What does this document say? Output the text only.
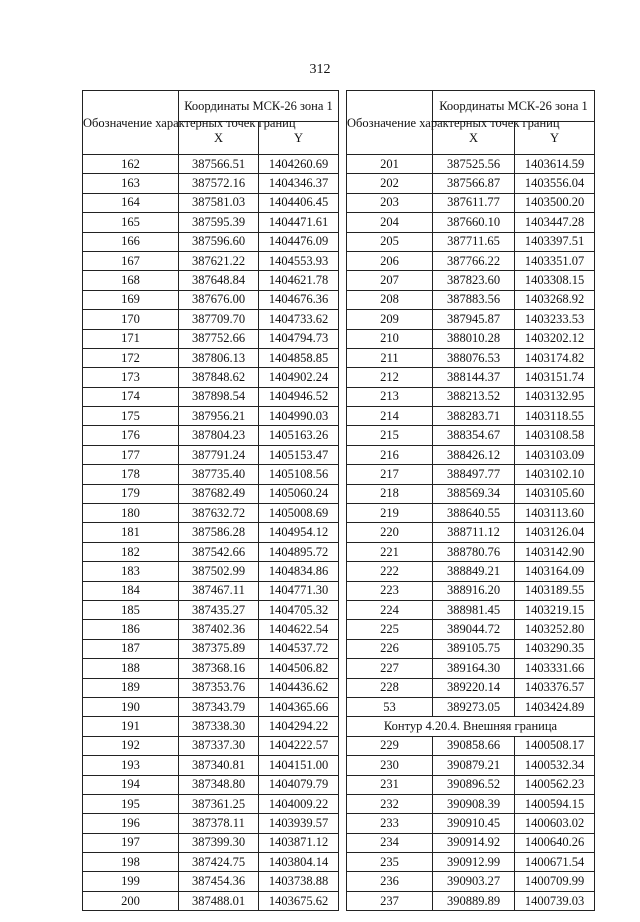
312
Обозначение характерных точек границ	Координаты МСК-26 зона 1	
	X	Y
162	387566.51	1404260.69
163	387572.16	1404346.37
164	387581.03	1404406.45
165	387595.39	1404471.61
166	387596.60	1404476.09
167	387621.22	1404553.93
168	387648.84	1404621.78
169	387676.00	1404676.36
170	387709.70	1404733.62
171	387752.66	1404794.73
172	387806.13	1404858.85
173	387848.62	1404902.24
174	387898.54	1404946.52
175	387956.21	1404990.03
176	387804.23	1405163.26
177	387791.24	1405153.47
178	387735.40	1405108.56
179	387682.49	1405060.24
180	387632.72	1405008.69
181	387586.28	1404954.12
182	387542.66	1404895.72
183	387502.99	1404834.86
184	387467.11	1404771.30
185	387435.27	1404705.32
186	387402.36	1404622.54
187	387375.89	1404537.72
188	387368.16	1404506.82
189	387353.76	1404436.62
190	387343.79	1404365.66
191	387338.30	1404294.22
192	387337.30	1404222.57
193	387340.81	1404151.00
194	387348.80	1404079.79
195	387361.25	1404009.22
196	387378.11	1403939.57
197	387399.30	1403871.12
198	387424.75	1403804.14
199	387454.36	1403738.88
200	387488.01	1403675.62
Обозначение характерных точек границ	Координаты МСК-26 зона 1	
	X	Y
201	387525.56	1403614.59
202	387566.87	1403556.04
203	387611.77	1403500.20
204	387660.10	1403447.28
205	387711.65	1403397.51
206	387766.22	1403351.07
207	387823.60	1403308.15
208	387883.56	1403268.92
209	387945.87	1403233.53
210	388010.28	1403202.12
211	388076.53	1403174.82
212	388144.37	1403151.74
213	388213.52	1403132.95
214	388283.71	1403118.55
215	388354.67	1403108.58
216	388426.12	1403103.09
217	388497.77	1403102.10
218	388569.34	1403105.60
219	388640.55	1403113.60
220	388711.12	1403126.04
221	388780.76	1403142.90
222	388849.21	1403164.09
223	388916.20	1403189.55
224	388981.45	1403219.15
225	389044.72	1403252.80
226	389105.75	1403290.35
227	389164.30	1403331.66
228	389220.14	1403376.57
53	389273.05	1403424.89
Контур 4.20.4. Внешняя граница		
229	390858.66	1400508.17
230	390879.21	1400532.34
231	390896.52	1400562.23
232	390908.39	1400594.15
233	390910.45	1400603.02
234	390914.92	1400640.26
235	390912.99	1400671.54
236	390903.27	1400709.99
237	390889.89	1400739.03
